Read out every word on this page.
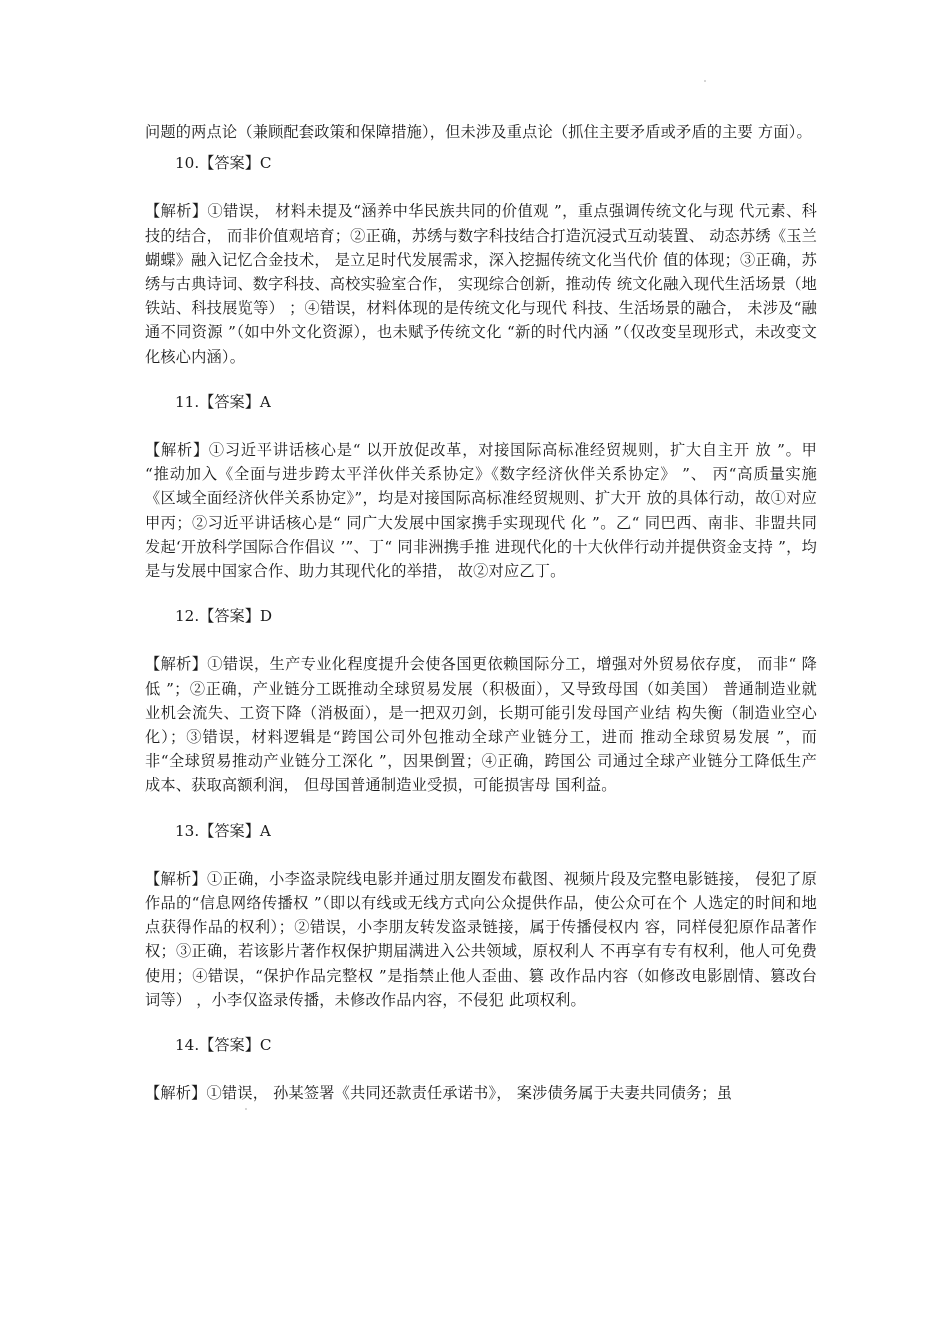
问题的两点论（兼顾配套政策和保障措施），但未涉及重点论（抓住主要矛盾或矛盾的主要 方面）。

10.【答案】C

【解析】①错误， 材料未提及“涵养中华民族共同的价值观 ”，重点强调传统文化与现 代元素、科技的结合， 而非价值观培育；②正确，苏绣与数字科技结合打造沉浸式互动装置、 动态苏绣《玉兰蝴蝶》融入记忆合金技术， 是立足时代发展需求，深入挖掘传统文化当代价 值的体现；③正确，苏绣与古典诗词、数字科技、高校实验室合作， 实现综合创新，推动传 统文化融入现代生活场景（地铁站、科技展览等） ；④错误，材料体现的是传统文化与现代 科技、生活场景的融合， 未涉及“融通不同资源 ”（如中外文化资源），也未赋予传统文化 “新的时代内涵 ”（仅改变呈现形式，未改变文化核心内涵）。

11.【答案】A

【解析】①习近平讲话核心是“ 以开放促改革，对接国际高标准经贸规则，扩大自主开 放 ”。甲 “推动加入《全面与进步跨太平洋伙伴关系协定》《数字经济伙伴关系协定》 ”、 丙“高质量实施《区域全面经济伙伴关系协定》”，均是对接国际高标准经贸规则、扩大开 放的具体行动，故①对应甲丙；②习近平讲话核心是“ 同广大发展中国家携手实现现代 化 ”。乙“ 同巴西、南非、非盟共同发起‘开放科学国际合作倡议 ’”、丁“ 同非洲携手推 进现代化的十大伙伴行动并提供资金支持 ”，均是与发展中国家合作、助力其现代化的举措， 故②对应乙丁。

12.【答案】D

【解析】①错误，生产专业化程度提升会使各国更依赖国际分工，增强对外贸易依存度， 而非“ 降低 ”；②正确，产业链分工既推动全球贸易发展（积极面），又导致母国（如美国） 普通制造业就业机会流失、工资下降（消极面），是一把双刃剑，长期可能引发母国产业结 构失衡（制造业空心化）；③错误，材料逻辑是“跨国公司外包推动全球产业链分工，进而 推动全球贸易发展 ”，而非“全球贸易推动产业链分工深化 ”，因果倒置；④正确，跨国公 司通过全球产业链分工降低生产成本、获取高额利润， 但母国普通制造业受损，可能损害母 国利益。

13.【答案】A

【解析】①正确，小李盗录院线电影并通过朋友圈发布截图、视频片段及完整电影链接， 侵犯了原作品的“信息网络传播权 ”（即以有线或无线方式向公众提供作品，使公众可在个 人选定的时间和地点获得作品的权利）；②错误，小李朋友转发盗录链接，属于传播侵权内 容，同样侵犯原作品著作权；③正确，若该影片著作权保护期届满进入公共领域，原权利人 不再享有专有权利，他人可免费使用；④错误，“保护作品完整权 ”是指禁止他人歪曲、篡 改作品内容（如修改电影剧情、篡改台词等） ，小李仅盗录传播，未修改作品内容，不侵犯 此项权利。

14.【答案】C

【解析】①错误， 孙某签署《共同还款责任承诺书》， 案涉债务属于夫妻共同债务；虽
